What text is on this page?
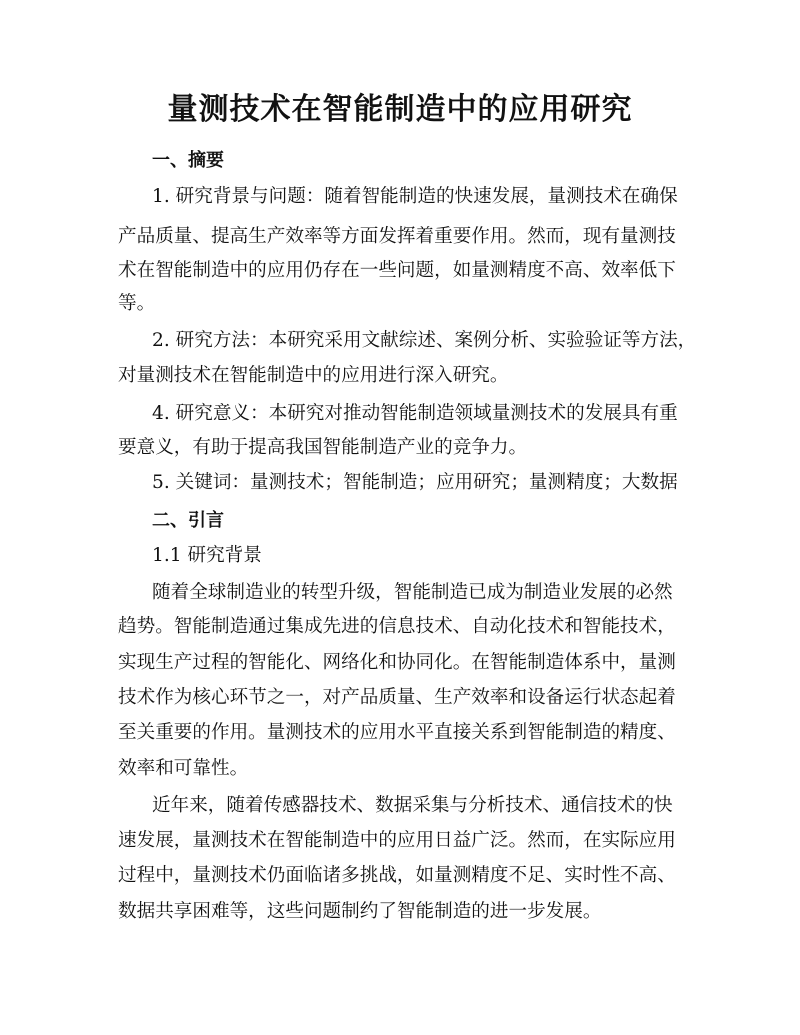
量测技术在智能制造中的应用研究
一、摘要
1. 研究背景与问题：随着智能制造的快速发展，量测技术在确保
产品质量、提高生产效率等方面发挥着重要作用。然而，现有量测技
术在智能制造中的应用仍存在一些问题，如量测精度不高、效率低下
等。
2. 研究方法：本研究采用文献综述、案例分析、实验验证等方法，
对量测技术在智能制造中的应用进行深入研究。
4. 研究意义：本研究对推动智能制造领域量测技术的发展具有重
要意义，有助于提高我国智能制造产业的竞争力。
5. 关键词：量测技术；智能制造；应用研究；量测精度；大数据
二、引言
1.1 研究背景
随着全球制造业的转型升级，智能制造已成为制造业发展的必然
趋势。智能制造通过集成先进的信息技术、自动化技术和智能技术，
实现生产过程的智能化、网络化和协同化。在智能制造体系中，量测
技术作为核心环节之一，对产品质量、生产效率和设备运行状态起着
至关重要的作用。量测技术的应用水平直接关系到智能制造的精度、
效率和可靠性。
近年来，随着传感器技术、数据采集与分析技术、通信技术的快
速发展，量测技术在智能制造中的应用日益广泛。然而，在实际应用
过程中，量测技术仍面临诸多挑战，如量测精度不足、实时性不高、
数据共享困难等，这些问题制约了智能制造的进一步发展。
